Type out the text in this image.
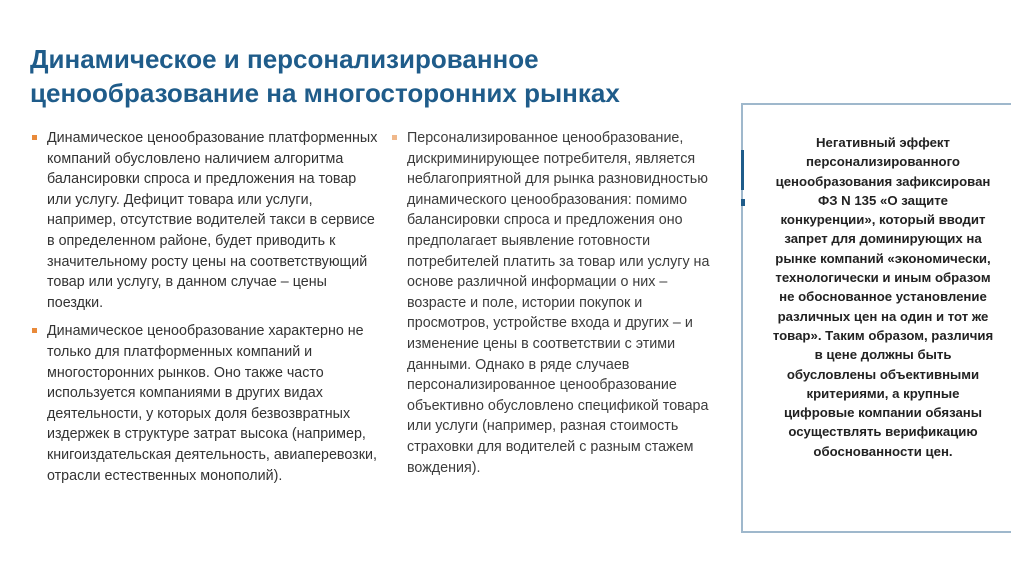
Динамическое и персонализированное
ценообразование на многосторонних рынках

Динамическое ценообразование платформенных компаний обусловлено наличием алгоритма балансировки спроса и предложения на товар или услугу. Дефицит товара или услуги, например, отсутствие водителей такси в сервисе в определенном районе, будет приводить к значительному росту цены на соответствующий товар или услугу, в данном случае – цены поездки.

Динамическое ценообразование характерно не только для платформенных компаний и многосторонних рынков. Оно также часто используется компаниями в других видах деятельности, у которых доля безвозвратных издержек в структуре затрат высока (например, книгоиздательская деятельность, авиаперевозки, отрасли естественных монополий).

Персонализированное ценообразование, дискриминирующее потребителя, является неблагоприятной для рынка разновидностью динамического ценообразования: помимо балансировки спроса и предложения оно предполагает выявление готовности потребителей платить за товар или услугу на основе различной информации о них – возрасте и поле, истории покупок и просмотров, устройстве входа и других – и изменение цены в соответствии с этими данными. Однако в ряде случаев персонализированное ценообразование объективно обусловлено спецификой товара или услуги (например, разная стоимость страховки для водителей с разным стажем вождения).

Негативный эффект персонализированного ценообразования зафиксирован ФЗ N 135 «О защите конкуренции», который вводит запрет для доминирующих на рынке компаний «экономически, технологически и иным образом не обоснованное установление различных цен на один и тот же товар». Таким образом, различия в цене должны быть обусловлены объективными критериями, а крупные цифровые компании обязаны осуществлять верификацию обоснованности цен.
